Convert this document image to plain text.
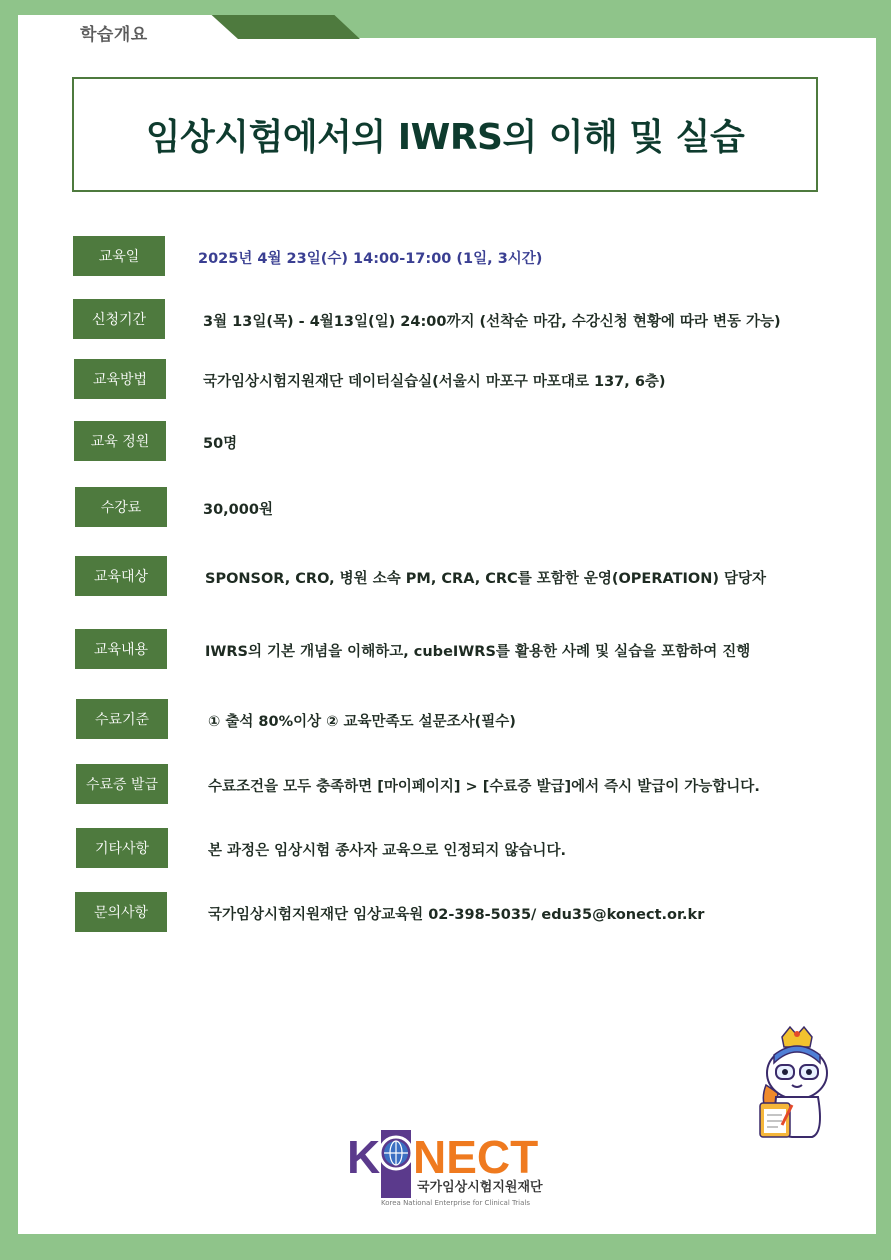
학습개요
임상시험에서의 IWRS의 이해 및 실습
교육일	2025년 4월 23일(수) 14:00-17:00 (1일, 3시간)
신청기간	3월 13일(목) - 4월13일(일) 24:00까지 (선착순 마감, 수강신청 현황에 따라 변동 가능)
교육방법	국가임상시험지원재단 데이터실습실(서울시 마포구 마포대로 137, 6층)
교육 정원	50명
수강료	30,000원
교육대상	SPONSOR, CRO, 병원 소속 PM, CRA, CRC를 포함한 운영(OPERATION) 담당자
교육내용	IWRS의 기본 개념을 이해하고, cubeIWRS를 활용한 사례 및 실습을 포함하여 진행
수료기준	① 출석 80%이상 ② 교육만족도 설문조사(필수)
수료증 발급	수료조건을 모두 충족하면 [마이페이지] > [수료증 발급]에서 즉시 발급이 가능합니다.
기타사항	본 과정은 임상시험 종사자 교육으로 인정되지 않습니다.
문의사항	국가임상시험지원재단 임상교육원 02-398-5035/ edu35@konect.or.kr
K NECT
국가임상시험지원재단
Korea National Enterprise for Clinical Trials
